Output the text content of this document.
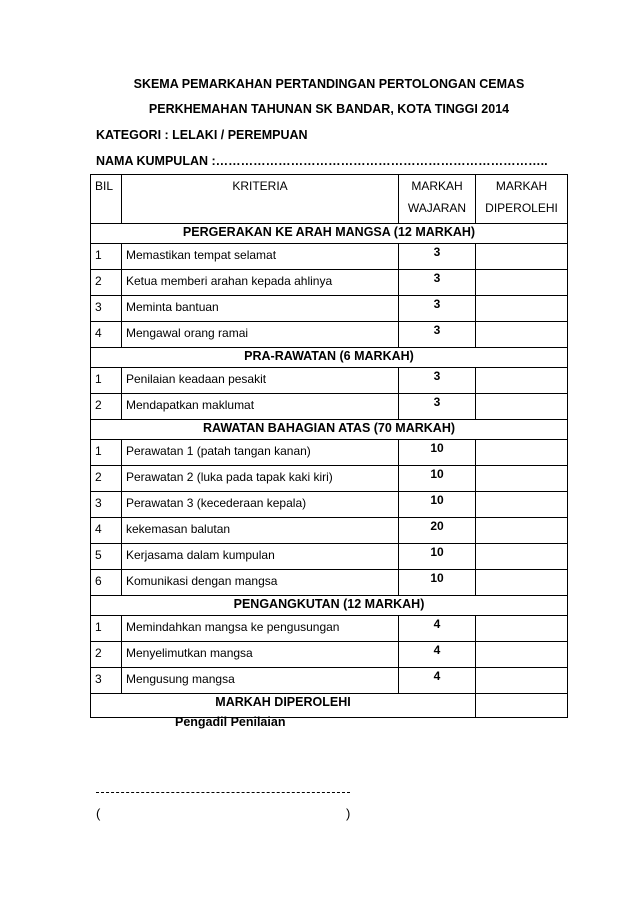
SKEMA PEMARKAHAN PERTANDINGAN PERTOLONGAN CEMAS
PERKHEMAHAN TAHUNAN SK BANDAR, KOTA TINGGI 2014
KATEGORI : LELAKI / PEREMPUAN
NAMA KUMPULAN :……………………………………………………………………..
BIL	KRITERIA	MARKAH WAJARAN	MARKAH DIPEROLEHI
PERGERAKAN KE ARAH MANGSA (12 MARKAH)			
1	Memastikan tempat selamat	3	
2	Ketua memberi arahan kepada ahlinya	3	
3	Meminta bantuan	3	
4	Mengawal orang ramai	3	
PRA-RAWATAN (6 MARKAH)			
1	Penilaian keadaan pesakit	3	
2	Mendapatkan maklumat	3	
RAWATAN BAHAGIAN ATAS (70 MARKAH)			
1	Perawatan 1 (patah tangan kanan)	10	
2	Perawatan 2 (luka pada tapak kaki kiri)	10	
3	Perawatan 3 (kecederaan kepala)	10	
4	kekemasan balutan	20	
5	Kerjasama dalam kumpulan	10	
6	Komunikasi dengan mangsa	10	
PENGANGKUTAN (12 MARKAH)			
1	Memindahkan mangsa ke pengusungan	4	
2	Menyelimutkan mangsa	4	
3	Mengusung mangsa	4	
MARKAH DIPEROLEHI			
Pengadil Penilaian
(	)
